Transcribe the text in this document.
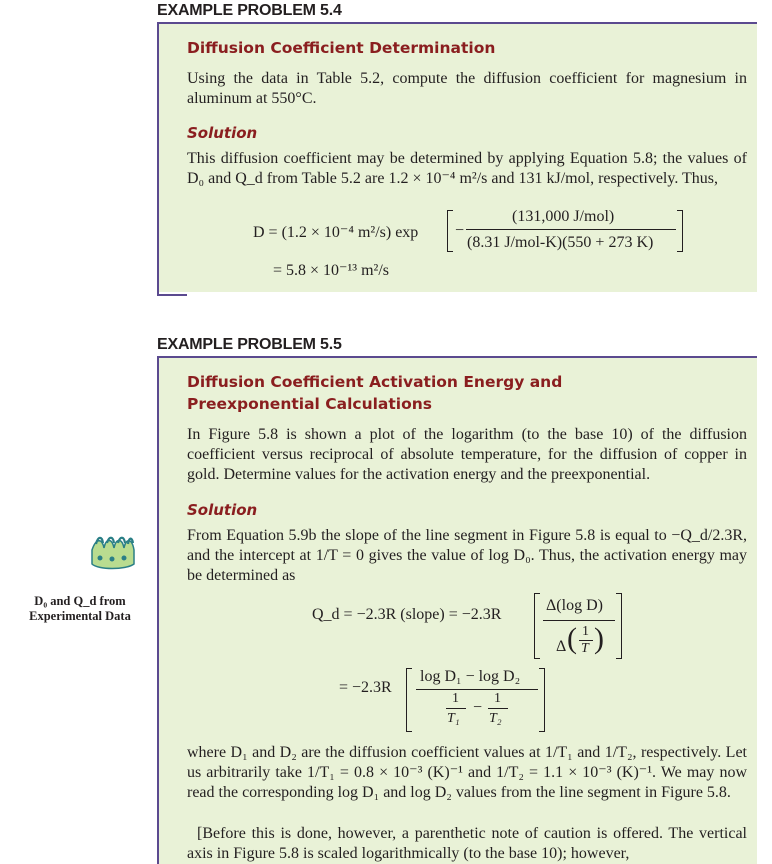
EXAMPLE PROBLEM 5.4
Diffusion Coefficient Determination

Using the data in Table 5.2, compute the diffusion coefficient for magnesium in aluminum at 550°C.

Solution

This diffusion coefficient may be determined by applying Equation 5.8; the values of D₀ and Q_d from Table 5.2 are 1.2 × 10⁻⁴ m²/s and 131 kJ/mol, respectively. Thus,

D = (1.2 × 10⁻⁴ m²/s) exp −
(131,000 J/mol)
(8.31 J/mol-K)(550 + 273 K)
= 5.8 × 10⁻¹³ m²/s
EXAMPLE PROBLEM 5.5
Diffusion Coefficient Activation Energy and
Preexponential Calculations

In Figure 5.8 is shown a plot of the logarithm (to the base 10) of the diffusion coefficient versus reciprocal of absolute temperature, for the diffusion of copper in gold. Determine values for the activation energy and the preexponential.

Solution

From Equation 5.9b the slope of the line segment in Figure 5.8 is equal to −Q_d/2.3R, and the intercept at 1/T = 0 gives the value of log D₀. Thus, the activation energy may be determined as

Q_d = −2.3R (slope) = −2.3R
Δ(log D)
Δ ( 1
T )
= −2.3R
log D₁ − log D₂
1
T₁
−
1
T₂

where D₁ and D₂ are the diffusion coefficient values at 1/T₁ and 1/T₂, respectively. Let us arbitrarily take 1/T₁ = 0.8 × 10⁻³ (K)⁻¹ and 1/T₂ = 1.1 × 10⁻³ (K)⁻¹. We may now read the corresponding log D₁ and log D₂ values from the line segment in Figure 5.8.

[Before this is done, however, a parenthetic note of caution is offered. The vertical axis in Figure 5.8 is scaled logarithmically (to the base 10); however,

D₀ and Q_d from
Experimental Data
